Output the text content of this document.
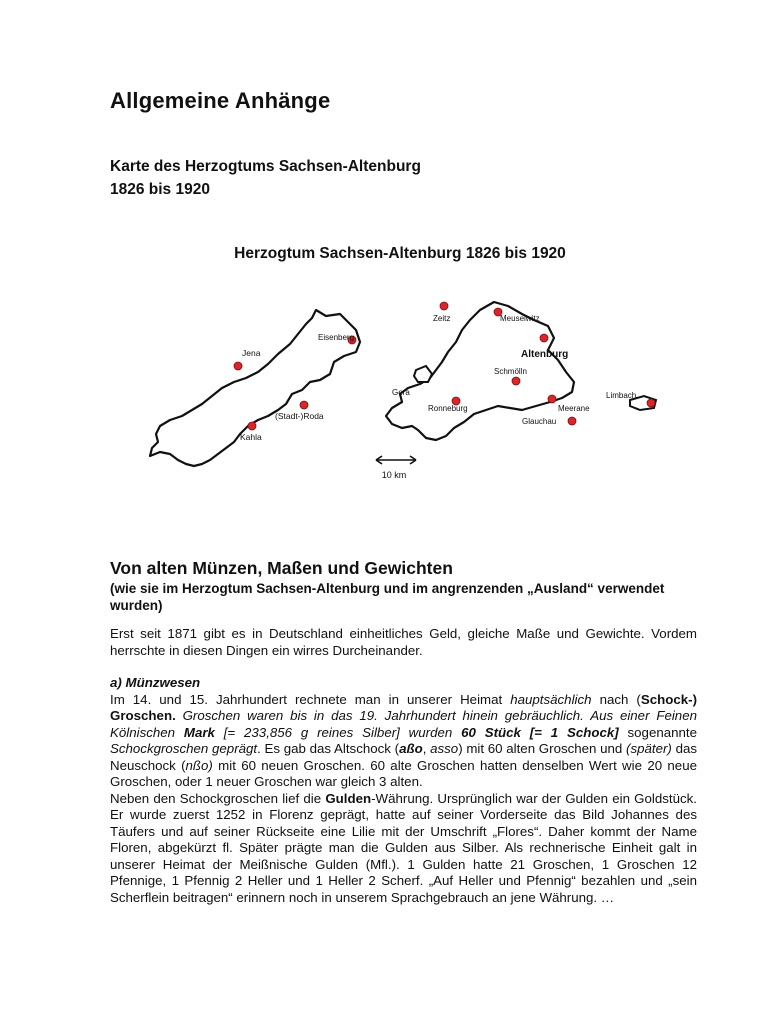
Allgemeine Anhänge

Karte des Herzogtums Sachsen-Altenburg

1826 bis 1920

Herzogtum Sachsen-Altenburg 1826 bis 1920
10 km
Jena
Eisenberg
(Stadt-)Roda
Kahla
Zeitz	Meuselwitz
Altenburg
Schmölln
Gera
Ronneburg	Meerane
Glauchau
Limbach
Von alten Münzen, Maßen und Gewichten

(wie sie im Herzogtum Sachsen-Altenburg und im angrenzenden „Ausland“ verwendet wurden)

Erst seit 1871 gibt es in Deutschland einheitliches Geld, gleiche Maße und Gewichte. Vordem herrschte in diesen Dingen ein wirres Durcheinander.

a) Münzwesen
Im 14. und 15. Jahrhundert rechnete man in unserer Heimat hauptsächlich nach (Schock-) Groschen. Groschen waren bis in das 19. Jahrhundert hinein gebräuchlich. Aus einer Feinen Kölnischen Mark [= 233,856 g reines Silber] wurden 60 Stück [= 1 Schock] sogenannte Schockgroschen geprägt. Es gab das Altschock (aßo, asso) mit 60 alten Groschen und (später) das Neuschock (nßo) mit 60 neuen Groschen. 60 alte Groschen hatten denselben Wert wie 20 neue Groschen, oder 1 neuer Groschen war gleich 3 alten.
Neben den Schockgroschen lief die Gulden-Währung. Ursprünglich war der Gulden ein Goldstück. Er wurde zuerst 1252 in Florenz geprägt, hatte auf seiner Vorderseite das Bild Johannes des Täufers und auf seiner Rückseite eine Lilie mit der Umschrift „Flores“. Daher kommt der Name Floren, abgekürzt fl. Später prägte man die Gulden aus Silber. Als rechnerische Einheit galt in unserer Heimat der Meißnische Gulden (Mfl.). 1 Gulden hatte 21 Groschen, 1 Groschen 12 Pfennige, 1 Pfennig 2 Heller und 1 Heller 2 Scherf. „Auf Heller und Pfennig“ bezahlen und „sein Scherflein beitragen“ erinnern noch in unserem Sprachgebrauch an jene Währung. …
